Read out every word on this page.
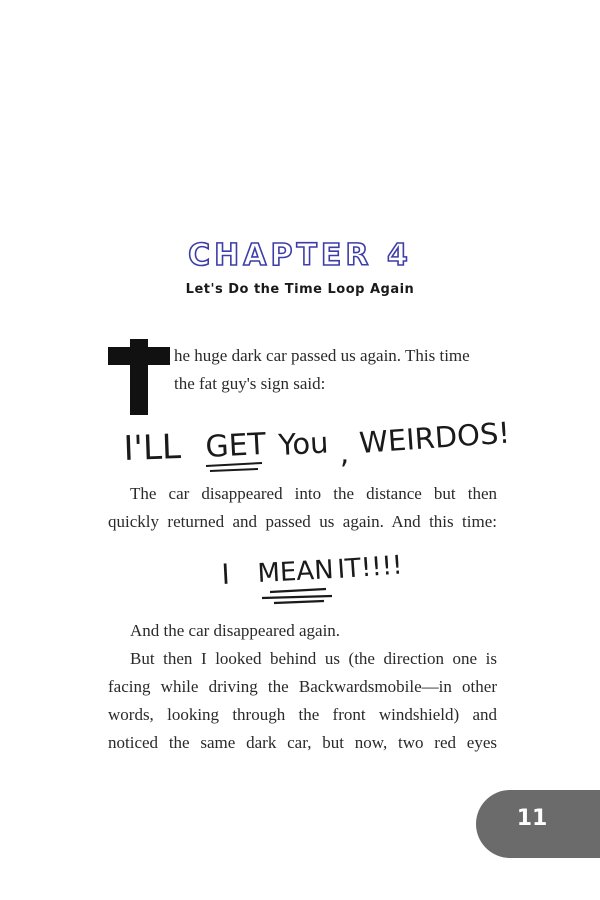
CHAPTER 4
Let's Do the Time Loop Again
T
he huge dark car passed us again. This time
the fat guy's sign said:
I'LL GET You , WEIRDOS!
The car disappeared into the distance but then
quickly returned and passed us again. And this time:
I MEAN IT!!!!
And the car disappeared again.
But then I looked behind us (the direction one is
facing while driving the Backwardsmobile—in other
words, looking through the front windshield) and
noticed the same dark car, but now, two red eyes
11
